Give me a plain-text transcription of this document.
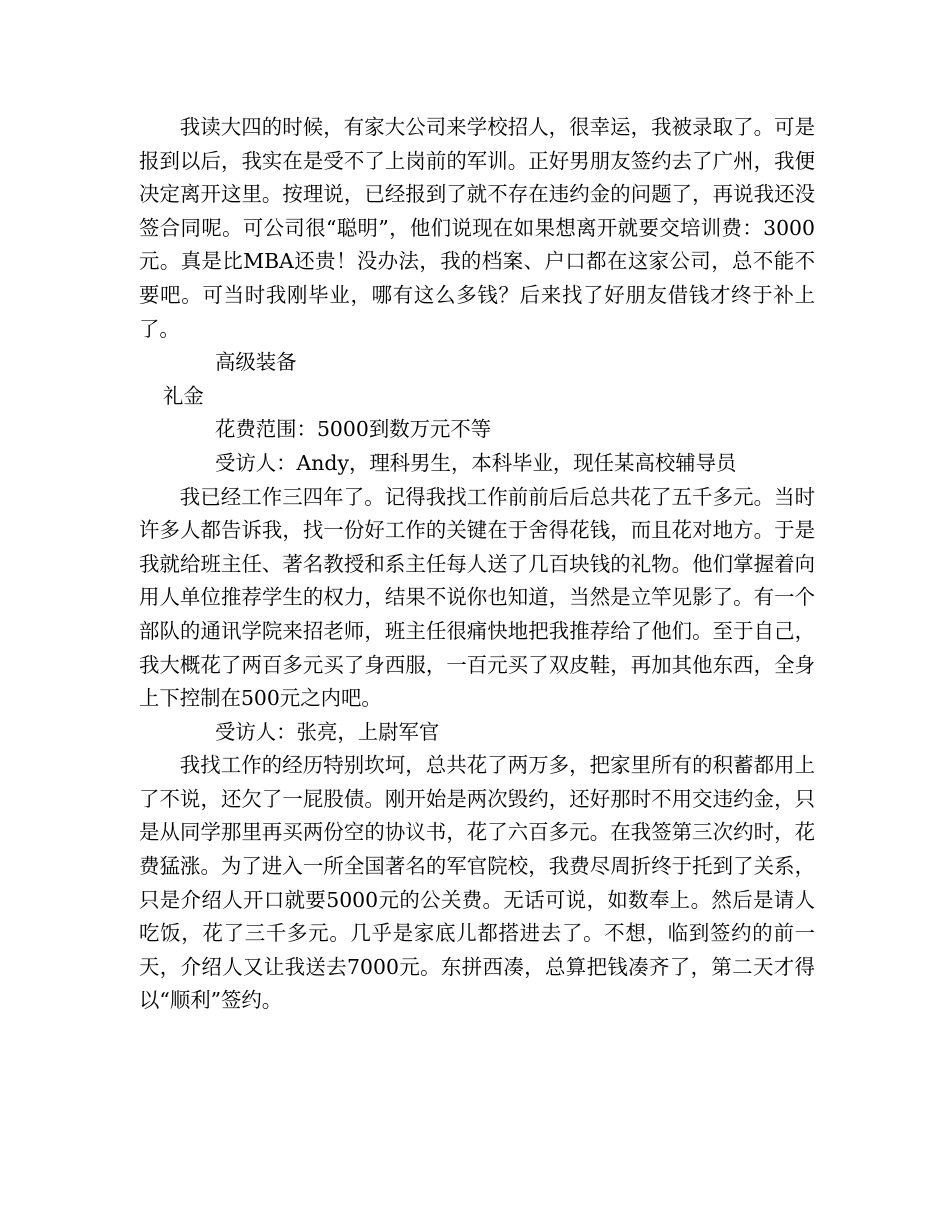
我读大四的时候，有家大公司来学校招人，很幸运，我被录取了。可是报到以后，我实在是受不了上岗前的军训。正好男朋友签约去了广州，我便决定离开这里。按理说，已经报到了就不存在违约金的问题了，再说我还没签合同呢。可公司很“聪明”，他们说现在如果想离开就要交培训费：3000元。真是比MBA还贵！没办法，我的档案、户口都在这家公司，总不能不要吧。可当时我刚毕业，哪有这么多钱？后来找了好朋友借钱才终于补上了。

高级装备

礼金

花费范围：5000到数万元不等

受访人：Andy，理科男生，本科毕业，现任某高校辅导员

我已经工作三四年了。记得我找工作前前后后总共花了五千多元。当时许多人都告诉我，找一份好工作的关键在于舍得花钱，而且花对地方。于是我就给班主任、著名教授和系主任每人送了几百块钱的礼物。他们掌握着向用人单位推荐学生的权力，结果不说你也知道，当然是立竿见影了。有一个部队的通讯学院来招老师，班主任很痛快地把我推荐给了他们。至于自己，我大概花了两百多元买了身西服，一百元买了双皮鞋，再加其他东西，全身上下控制在500元之内吧。

受访人：张亮，上尉军官

我找工作的经历特别坎坷，总共花了两万多，把家里所有的积蓄都用上了不说，还欠了一屁股债。刚开始是两次毁约，还好那时不用交违约金，只是从同学那里再买两份空的协议书，花了六百多元。在我签第三次约时，花费猛涨。为了进入一所全国著名的军官院校，我费尽周折终于托到了关系，只是介绍人开口就要5000元的公关费。无话可说，如数奉上。然后是请人吃饭，花了三千多元。几乎是家底儿都搭进去了。不想，临到签约的前一天，介绍人又让我送去7000元。东拼西凑，总算把钱凑齐了，第二天才得以“顺利”签约。
